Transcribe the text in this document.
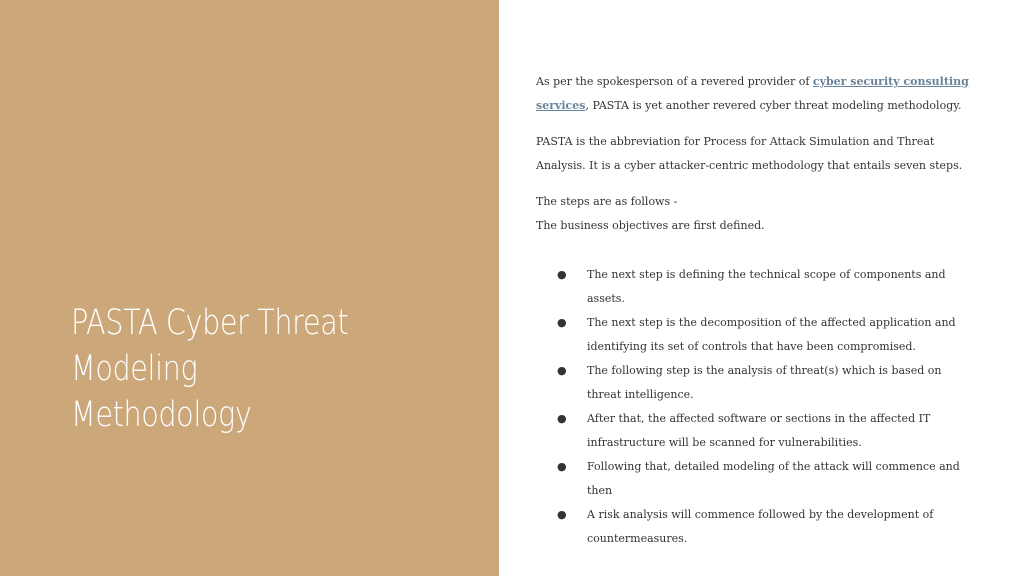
PASTA Cyber Threat
Modeling
Methodology

As per the spokesperson of a revered provider of cyber security consulting services, PASTA is yet another revered cyber threat modeling methodology.

PASTA is the abbreviation for Process for Attack Simulation and Threat Analysis. It is a cyber attacker-centric methodology that entails seven steps.

The steps are as follows -

The business objectives are first defined.

● The next step is defining the technical scope of components and assets.
● The next step is the decomposition of the affected application and identifying its set of controls that have been compromised.
● The following step is the analysis of threat(s) which is based on threat intelligence.
● After that, the affected software or sections in the affected IT infrastructure will be scanned for vulnerabilities.
● Following that, detailed modeling of the attack will commence and then
● A risk analysis will commence followed by the development of countermeasures.
